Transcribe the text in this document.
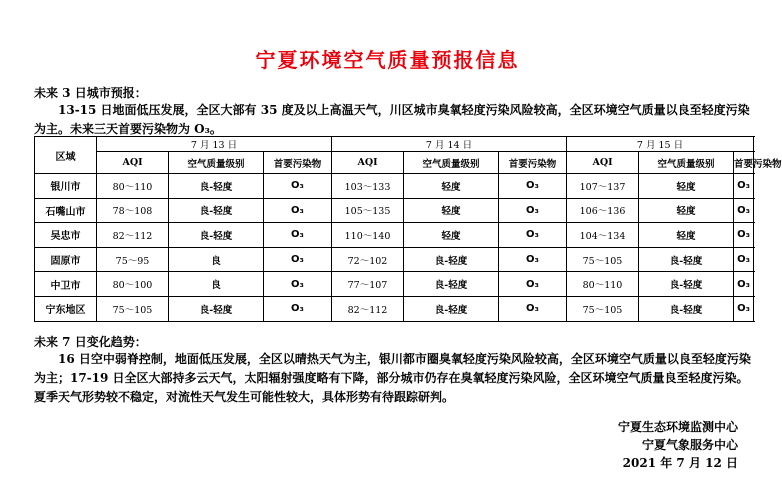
宁夏环境空气质量预报信息
未来 3 日城市预报：
13-15 日地面低压发展，全区大部有 35 度及以上高温天气，川区城市臭氧轻度污染风险较高，全区环境空气质量以良至轻度污染为主。未来三天首要污染物为 O₃。
区域	7 月 13 日			7 月 14 日			7 月 15 日		
	AQI	空气质量级别	首要污染物	AQI	空气质量级别	首要污染物	AQI	空气质量级别	首要污染物
银川市	80～110	良-轻度	O₃	103～133	轻度	O₃	107～137	轻度	O₃
石嘴山市	78～108	良-轻度	O₃	105～135	轻度	O₃	106～136	轻度	O₃
吴忠市	82～112	良-轻度	O₃	110～140	轻度	O₃	104～134	轻度	O₃
固原市	75～95	良	O₃	72～102	良-轻度	O₃	75～105	良-轻度	O₃
中卫市	80～100	良	O₃	77～107	良-轻度	O₃	80～110	良-轻度	O₃
宁东地区	75～105	良-轻度	O₃	82～112	良-轻度	O₃	75～105	良-轻度	O₃
未来 7 日变化趋势：
16 日空中弱脊控制，地面低压发展，全区以晴热天气为主，银川都市圈臭氧轻度污染风险较高，全区环境空气质量以良至轻度污染为主；17-19 日全区大部持多云天气，太阳辐射强度略有下降，部分城市仍存在臭氧轻度污染风险，全区环境空气质量良至轻度污染。夏季天气形势较不稳定，对流性天气发生可能性较大，具体形势有待跟踪研判。
宁夏生态环境监测中心
宁夏气象服务中心
2021 年 7 月 12 日
